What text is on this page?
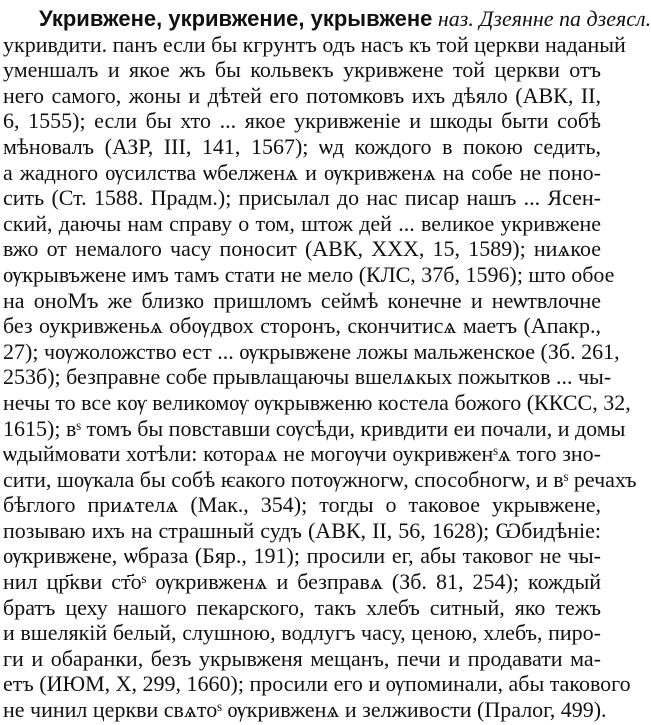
Укривжене, укривжение, укрывжене наз. Дзеянне па дзеясл.
укривдити. панъ если бы кгрунтъ одъ насъ къ той церкви наданый
уменшалъ и якое жъ бы кольвекъ укривжене той церкви отъ
него самого, жоны и дѣтей его потомковъ ихъ дѣяло (АВК, II,
6, 1555); если бы хто ... якое укривженіе и шкоды быти собѣ
мѣновалъ (АЗР, III, 141, 1567); ѡд кождого в покою седить,
а жадного ѹсилства ѡбелженѧ и ѹкривженѧ на собе не поно-
сить (Ст. 1588. Прадм.); присылал до нас писар нашъ ... Ясен-
ский, даючы нам справу о том, штож дей ... великое укривжене
вжо от немалого часу поносит (АВК, XXX, 15, 1589); ниѧкое
ѹкрывъжене имъ тамъ стати не мело (КЛС, 37б, 1596); што обое
на оноМъ же близко пришломъ сеймѣ конечне и неѡтвлочне
без оукривженьѧ обѹдвох сторонъ, скончитисѧ маетъ (Апакр.,
27); чѹжоложство ест ... ѹкрывжене ложы мальженское (Зб. 261,
253б); безправне собе прывлащаючы вшелѧкых пожытков ... чы-
нечы то все кѹ великомѹ ѹкрывженю костела божого (ККСС, 32,
1615); вˢ томъ бы повставши сѹсѣди, кривдити еи почали, и домы
ѡдыймовати хотѣли: котораѧ не могѹчи оукривженˢѧ того зно-
сити, шѹкала бы собѣ ѥакого потѹжногѡ, способногѡ, и вˢ речахъ
бѣглого приѧтелѧ (Мак., 354); тогды о таковое укрывжене,
позываю ихъ на страшный судъ (АВК, II, 56, 1628); Ѡбидѣніе:
ѹкривжене, ѡбраза (Бяр., 191); просили ег, абы таковог не чы-
нил цр҃кви ст҃оˢ ѹкривженѧ и безправѧ (Зб. 81, 254); кождый
братъ цеху нашого пекарского, такъ хлебъ ситный, яко тежъ
и вшелякій белый, слушною, водлугъ часу, ценою, хлебъ, пиро-
ги и обаранки, безъ укрывженя мещанъ, печи и продавати ма-
етъ (ИЮМ, X, 299, 1660); просили его и ѹпоминали, абы такового
не чинил церкви свѧтоˢ ѹкривженѧ и зелживости (Пралог, 499).
